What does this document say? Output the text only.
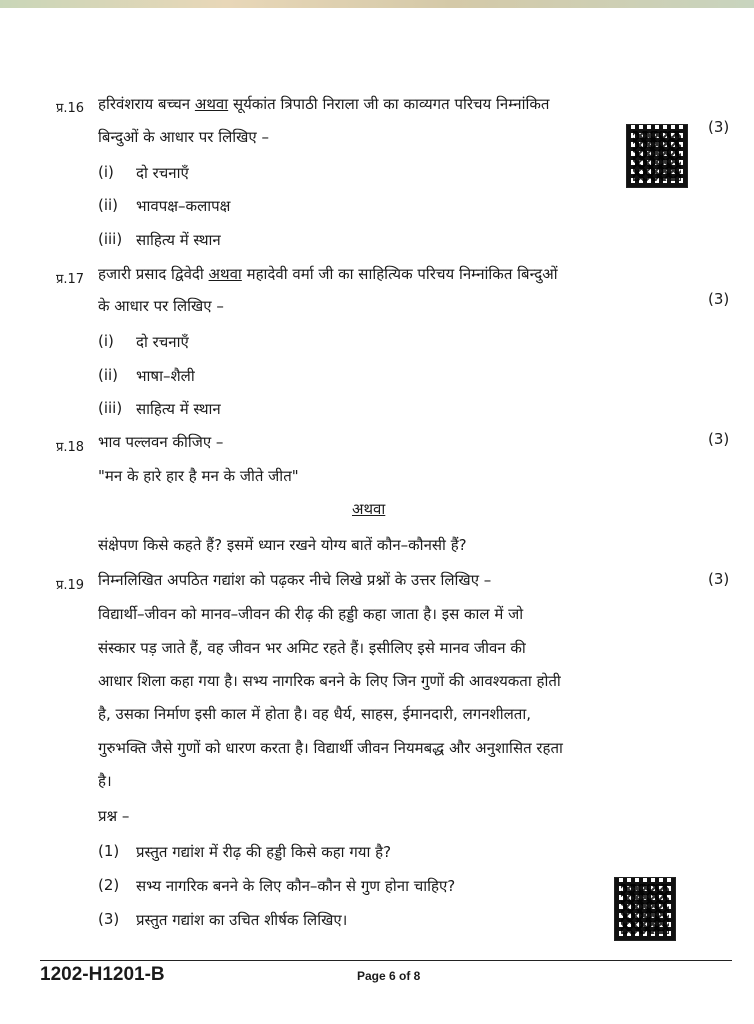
प्र.16 हरिवंशराय बच्चन अथवा सूर्यकांत त्रिपाठी निराला जी का काव्यगत परिचय निम्नांकित
बिन्दुओं के आधार पर लिखिए –
(3)
(i) दो रचनाएँ
(ii) भावपक्ष–कलापक्ष
(iii) साहित्य में स्थान
प्र.17 हजारी प्रसाद द्विवेदी अथवा महादेवी वर्मा जी का साहित्यिक परिचय निम्नांकित बिन्दुओं
के आधार पर लिखिए –	(3)
(i) दो रचनाएँ
(ii) भाषा–शैली
(iii) साहित्य में स्थान
प्र.18 भाव पल्लवन कीजिए –	(3)
"मन के हारे हार है मन के जीते जीत"
अथवा
संक्षेपण किसे कहते हैं? इसमें ध्यान रखने योग्य बातें कौन–कौनसी हैं?
प्र.19 निम्नलिखित अपठित गद्यांश को पढ़कर नीचे लिखे प्रश्नों के उत्तर लिखिए –	(3)
विद्यार्थी–जीवन को मानव–जीवन की रीढ़ की हड्डी कहा जाता है। इस काल में जो
संस्कार पड़ जाते हैं, वह जीवन भर अमिट रहते हैं। इसीलिए इसे मानव जीवन की
आधार शिला कहा गया है। सभ्य नागरिक बनने के लिए जिन गुणों की आवश्यकता होती
है, उसका निर्माण इसी काल में होता है। वह धैर्य, साहस, ईमानदारी, लगनशीलता,
गुरुभक्ति जैसे गुणों को धारण करता है। विद्यार्थी जीवन नियमबद्ध और अनुशासित रहता
है।
प्रश्न –
(1) प्रस्तुत गद्यांश में रीढ़ की हड्डी किसे कहा गया है?
(2) सभ्य नागरिक बनने के लिए कौन–कौन से गुण होना चाहिए?
(3) प्रस्तुत गद्यांश का उचित शीर्षक लिखिए।
1202-H1201-B	Page 6 of 8
